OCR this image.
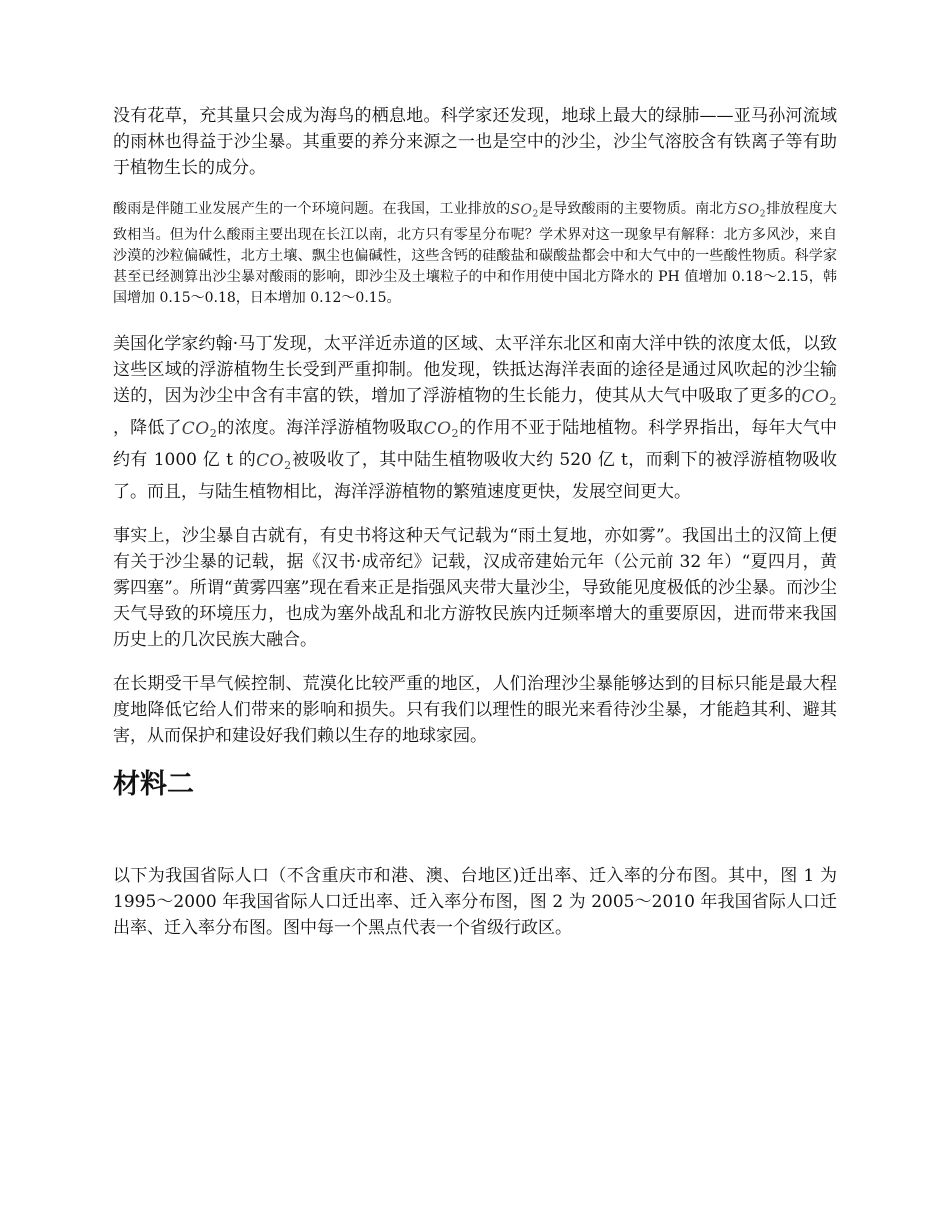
没有花草，充其量只会成为海鸟的栖息地。科学家还发现，地球上最大的绿肺——亚马孙河流域的雨林也得益于沙尘暴。其重要的养分来源之一也是空中的沙尘，沙尘气溶胶含有铁离子等有助于植物生长的成分。

酸雨是伴随工业发展产生的一个环境问题。在我国，工业排放的$SO_2$是导致酸雨的主要物质。南北方$SO_2$排放程度大致相当。但为什么酸雨主要出现在长江以南，北方只有零星分布呢？学术界对这一现象早有解释：北方多风沙，来自沙漠的沙粒偏碱性，北方土壤、飘尘也偏碱性，这些含钙的硅酸盐和碳酸盐都会中和大气中的一些酸性物质。科学家甚至已经测算出沙尘暴对酸雨的影响，即沙尘及土壤粒子的中和作用使中国北方降水的 PH 值增加 0.18～2.15，韩国增加 0.15～0.18，日本增加 0.12～0.15。

美国化学家约翰·马丁发现，太平洋近赤道的区域、太平洋东北区和南大洋中铁的浓度太低，以致这些区域的浮游植物生长受到严重抑制。他发现，铁抵达海洋表面的途径是通过风吹起的沙尘输送的，因为沙尘中含有丰富的铁，增加了浮游植物的生长能力，使其从大气中吸取了更多的$CO_2$，降低了$CO_2$的浓度。海洋浮游植物吸取$CO_2$的作用不亚于陆地植物。科学界指出，每年大气中约有 1000 亿 t 的$CO_2$被吸收了，其中陆生植物吸收大约 520 亿 t，而剩下的被浮游植物吸收了。而且，与陆生植物相比，海洋浮游植物的繁殖速度更快，发展空间更大。

事实上，沙尘暴自古就有，有史书将这种天气记载为“雨土复地，亦如雾”。我国出土的汉简上便有关于沙尘暴的记载，据《汉书·成帝纪》记载，汉成帝建始元年（公元前 32 年）“夏四月，黄雾四塞”。所谓“黄雾四塞”现在看来正是指强风夹带大量沙尘，导致能见度极低的沙尘暴。而沙尘天气导致的环境压力，也成为塞外战乱和北方游牧民族内迁频率增大的重要原因，进而带来我国历史上的几次民族大融合。

在长期受干旱气候控制、荒漠化比较严重的地区，人们治理沙尘暴能够达到的目标只能是最大程度地降低它给人们带来的影响和损失。只有我们以理性的眼光来看待沙尘暴，才能趋其利、避其害，从而保护和建设好我们赖以生存的地球家园。

材料二

以下为我国省际人口（不含重庆市和港、澳、台地区)迁出率、迁入率的分布图。其中，图 1 为 1995～2000 年我国省际人口迁出率、迁入率分布图，图 2 为 2005～2010 年我国省际人口迁出率、迁入率分布图。图中每一个黑点代表一个省级行政区。
